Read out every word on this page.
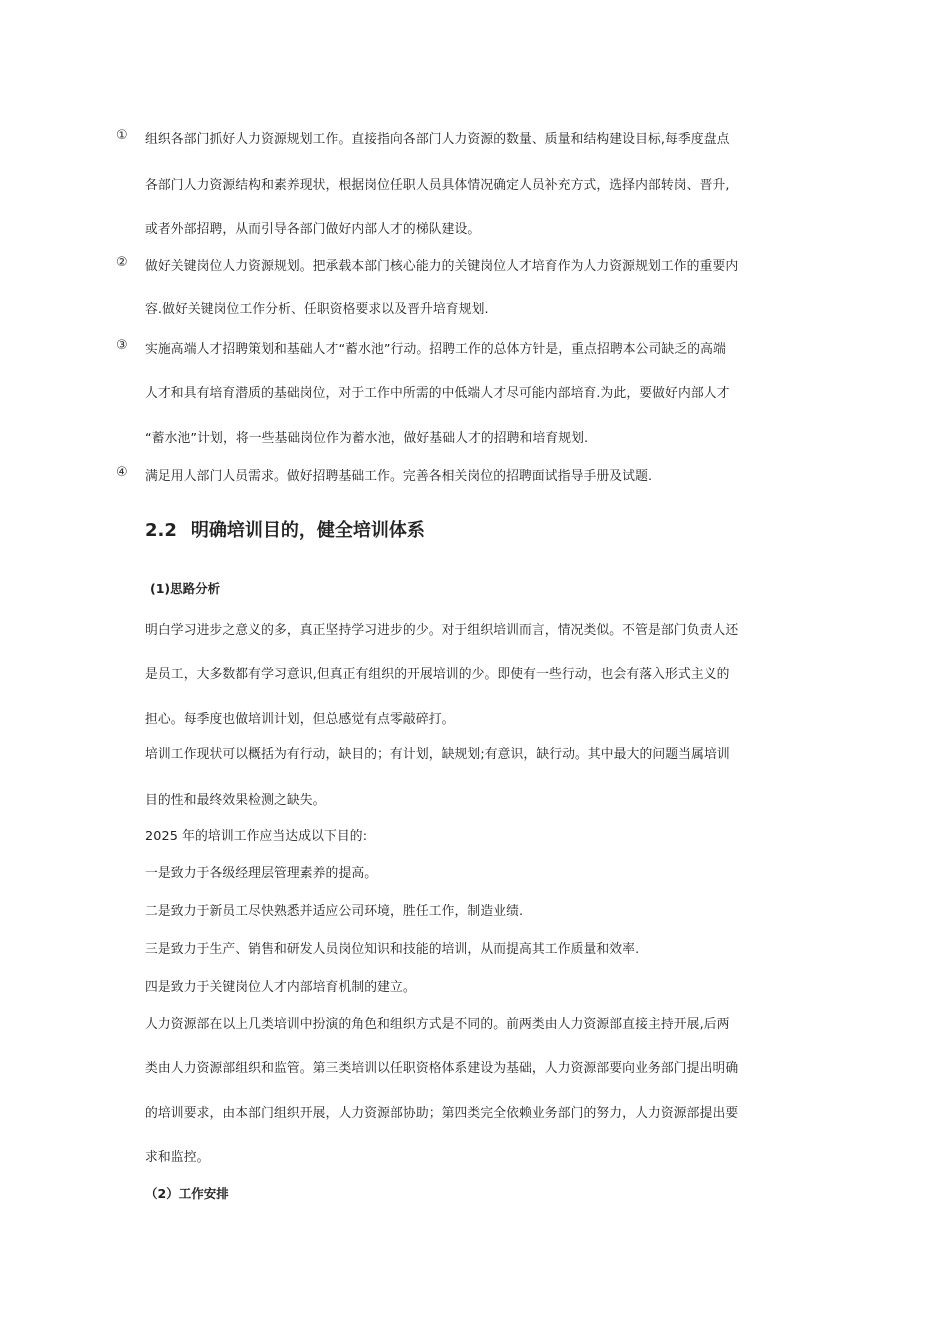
①	组织各部门抓好人力资源规划工作。直接指向各部门人力资源的数量、质量和结构建设目标,每季度盘点
各部门人力资源结构和素养现状，根据岗位任职人员具体情况确定人员补充方式，选择内部转岗、晋升,
或者外部招聘，从而引导各部门做好内部人才的梯队建设。
②	做好关键岗位人力资源规划。把承载本部门核心能力的关键岗位人才培育作为人力资源规划工作的重要内
容.做好关键岗位工作分析、任职资格要求以及晋升培育规划.
③	实施高端人才招聘策划和基础人才“蓄水池”行动。招聘工作的总体方针是，重点招聘本公司缺乏的高端
人才和具有培育潜质的基础岗位，对于工作中所需的中低端人才尽可能内部培育.为此，要做好内部人才
“蓄水池”计划，将一些基础岗位作为蓄水池，做好基础人才的招聘和培育规划.
④	满足用人部门人员需求。做好招聘基础工作。完善各相关岗位的招聘面试指导手册及试题.
2.2 明确培训目的，健全培训体系
(1)思路分析
明白学习进步之意义的多，真正坚持学习进步的少。对于组织培训而言，情况类似。不管是部门负责人还
是员工，大多数都有学习意识,但真正有组织的开展培训的少。即使有一些行动，也会有落入形式主义的
担心。每季度也做培训计划，但总感觉有点零敲碎打。
培训工作现状可以概括为有行动，缺目的；有计划，缺规划;有意识，缺行动。其中最大的问题当属培训
目的性和最终效果检测之缺失。
2025 年的培训工作应当达成以下目的:
一是致力于各级经理层管理素养的提高。
二是致力于新员工尽快熟悉并适应公司环境，胜任工作，制造业绩.
三是致力于生产、销售和研发人员岗位知识和技能的培训，从而提高其工作质量和效率.
四是致力于关键岗位人才内部培育机制的建立。
人力资源部在以上几类培训中扮演的角色和组织方式是不同的。前两类由人力资源部直接主持开展,后两
类由人力资源部组织和监管。第三类培训以任职资格体系建设为基础，人力资源部要向业务部门提出明确
的培训要求，由本部门组织开展，人力资源部协助；第四类完全依赖业务部门的努力，人力资源部提出要
求和监控。
（2）工作安排
